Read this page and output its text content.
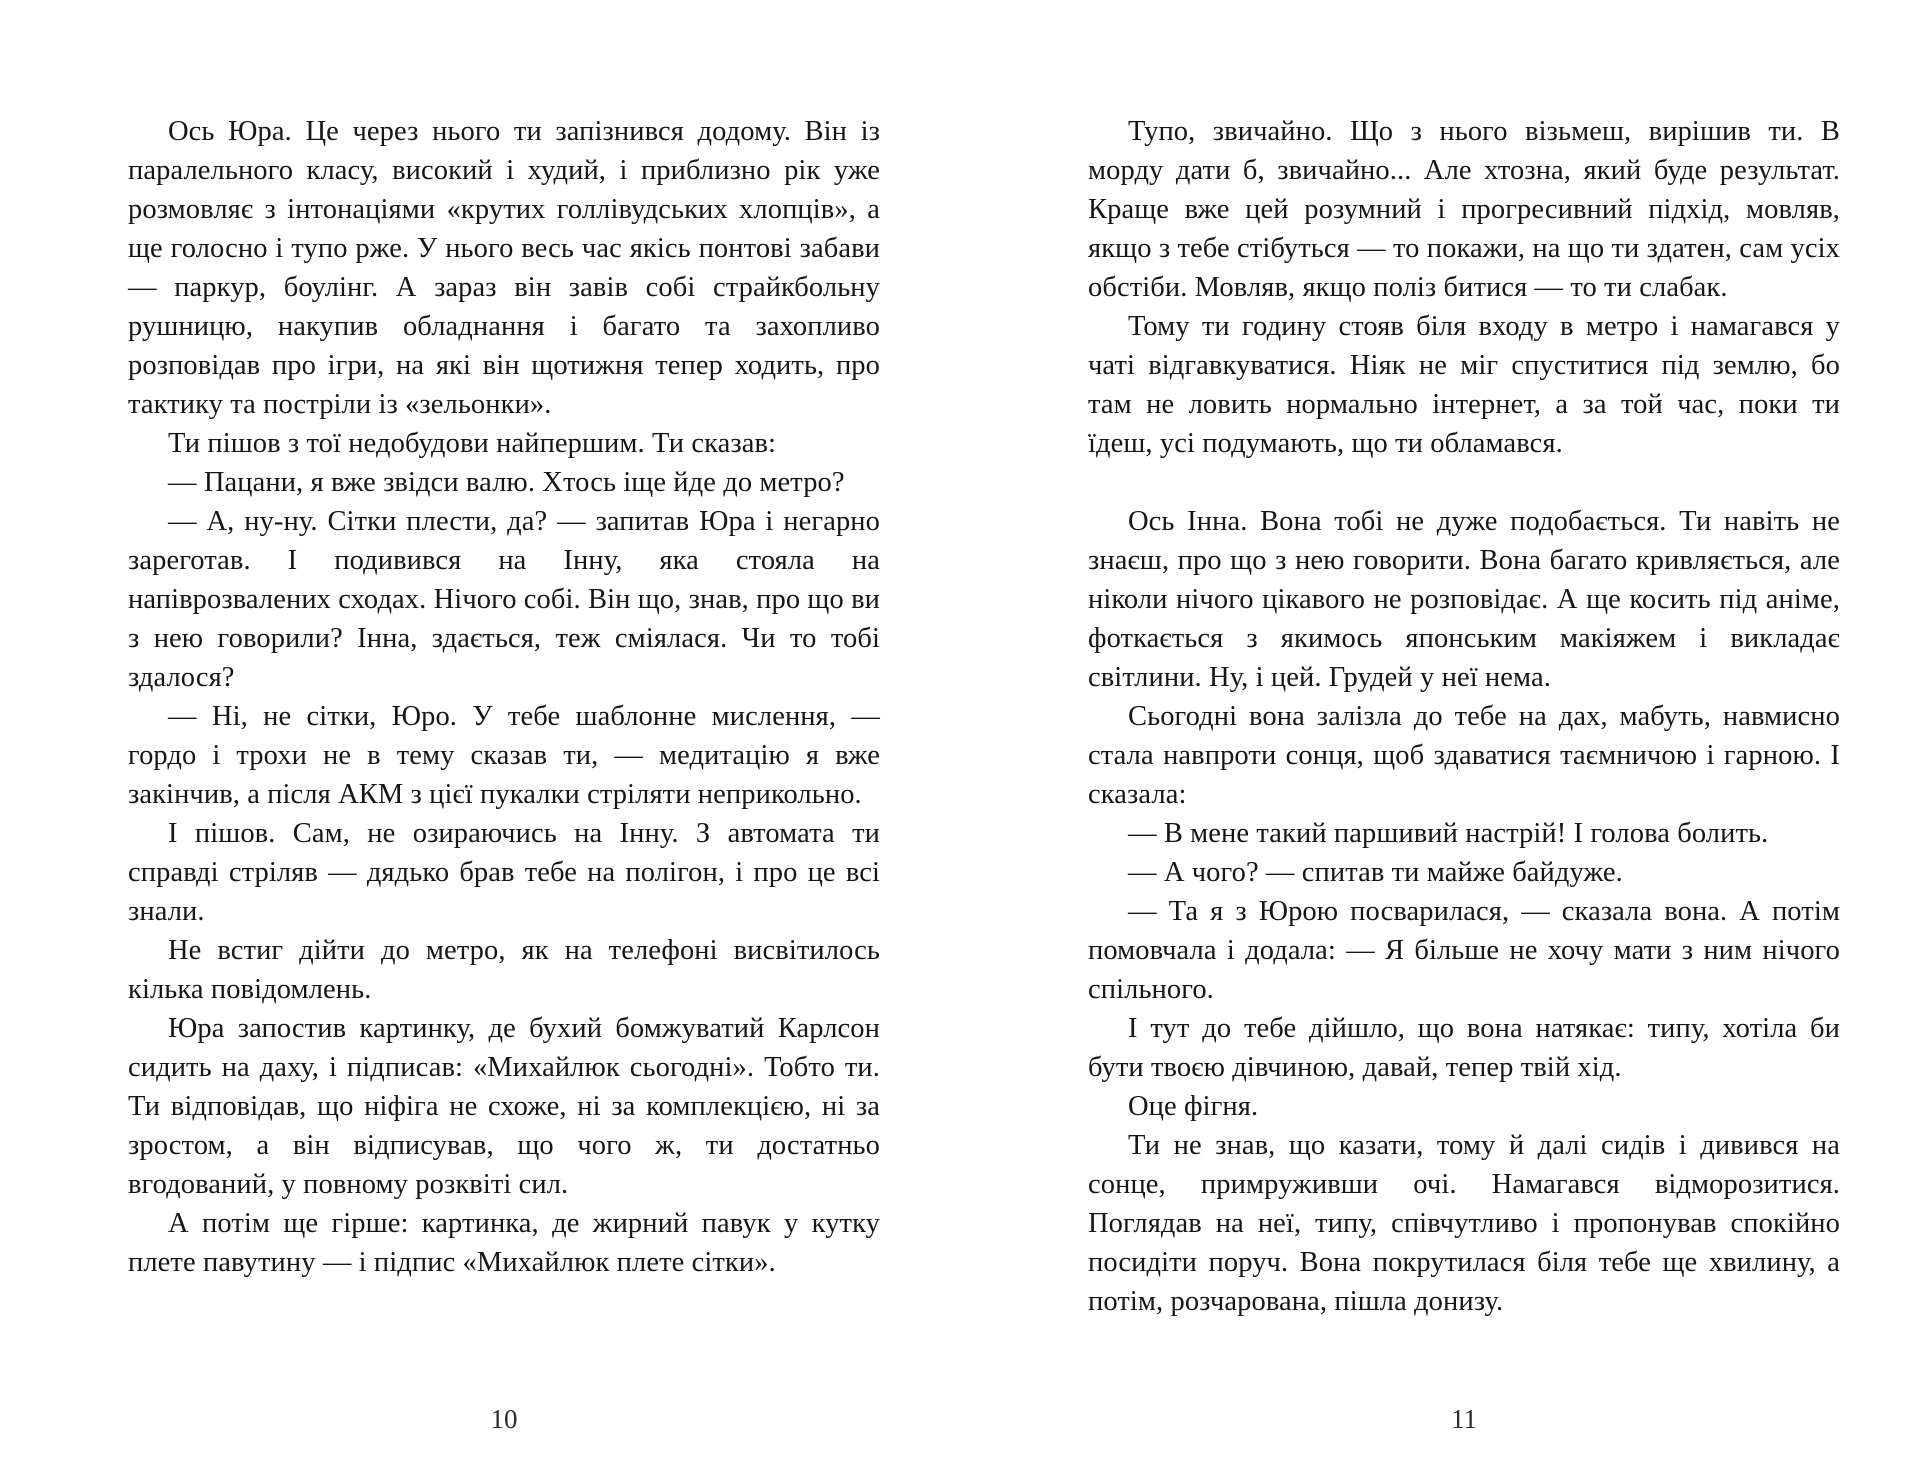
Ось Юра. Це через нього ти запізнився додому. Він із паралельного класу, високий і худий, і приблизно рік уже розмовляє з інтонаціями «крутих голлівудських хлопців», а ще голосно і тупо рже. У нього весь час якісь понтові забави — паркур, боулінг. А зараз він завів собі страйкбольну рушницю, накупив обладнання і багато та захопливо розповідав про ігри, на які він щотижня тепер ходить, про тактику та постріли із «зельонки».

Ти пішов з тої недобудови найпершим. Ти сказав:

— Пацани, я вже звідси валю. Хтось іще йде до метро?

— А, ну-ну. Сітки плести, да? — запитав Юра і негарно зареготав. І подивився на Інну, яка стояла на напіврозвалених сходах. Нічого собі. Він що, знав, про що ви з нею говорили? Інна, здається, теж сміялася. Чи то тобі здалося?

— Ні, не сітки, Юро. У тебе шаблонне мислення, — гордо і трохи не в тему сказав ти, — медитацію я вже закінчив, а після АКМ з цієї пукалки стріляти неприкольно.

І пішов. Сам, не озираючись на Інну. З автомата ти справді стріляв — дядько брав тебе на полігон, і про це всі знали.

Не встиг дійти до метро, як на телефоні висвітилось кілька повідомлень.

Юра запостив картинку, де бухий бомжуватий Карлсон сидить на даху, і підписав: «Михайлюк сьогодні». Тобто ти. Ти відповідав, що ніфіга не схоже, ні за комплекцією, ні за зростом, а він відписував, що чого ж, ти достатньо вгодований, у повному розквіті сил.

А потім ще гірше: картинка, де жирний павук у кутку плете павутину — і підпис «Михайлюк плете сітки».

10

Тупо, звичайно. Що з нього візьмеш, вирішив ти. В морду дати б, звичайно... Але хтозна, який буде результат. Краще вже цей розумний і прогресивний підхід, мовляв, якщо з тебе стібуться — то покажи, на що ти здатен, сам усіх обстіби. Мовляв, якщо поліз битися — то ти слабак.

Тому ти годину стояв біля входу в метро і намагався у чаті відгавкуватися. Ніяк не міг спуститися під землю, бо там не ловить нормально інтернет, а за той час, поки ти їдеш, усі подумають, що ти обламався.

Ось Інна. Вона тобі не дуже подобається. Ти навіть не знаєш, про що з нею говорити. Вона багато кривляється, але ніколи нічого цікавого не розповідає. А ще косить під аніме, фоткається з якимось японським макіяжем і викладає світлини. Ну, і цей. Грудей у неї нема.

Сьогодні вона залізла до тебе на дах, мабуть, навмисно стала навпроти сонця, щоб здаватися таємничою і гарною. І сказала:

— В мене такий паршивий настрій! І голова болить.

— А чого? — спитав ти майже байдуже.

— Та я з Юрою посварилася, — сказала вона. А потім помовчала і додала: — Я більше не хочу мати з ним нічого спільного.

І тут до тебе дійшло, що вона натякає: типу, хотіла би бути твоєю дівчиною, давай, тепер твій хід.

Оце фігня.

Ти не знав, що казати, тому й далі сидів і дивився на сонце, примруживши очі. Намагався відморозитися. Поглядав на неї, типу, співчутливо і пропонував спокійно посидіти поруч. Вона покрутилася біля тебе ще хвилину, а потім, розчарована, пішла донизу.

11
